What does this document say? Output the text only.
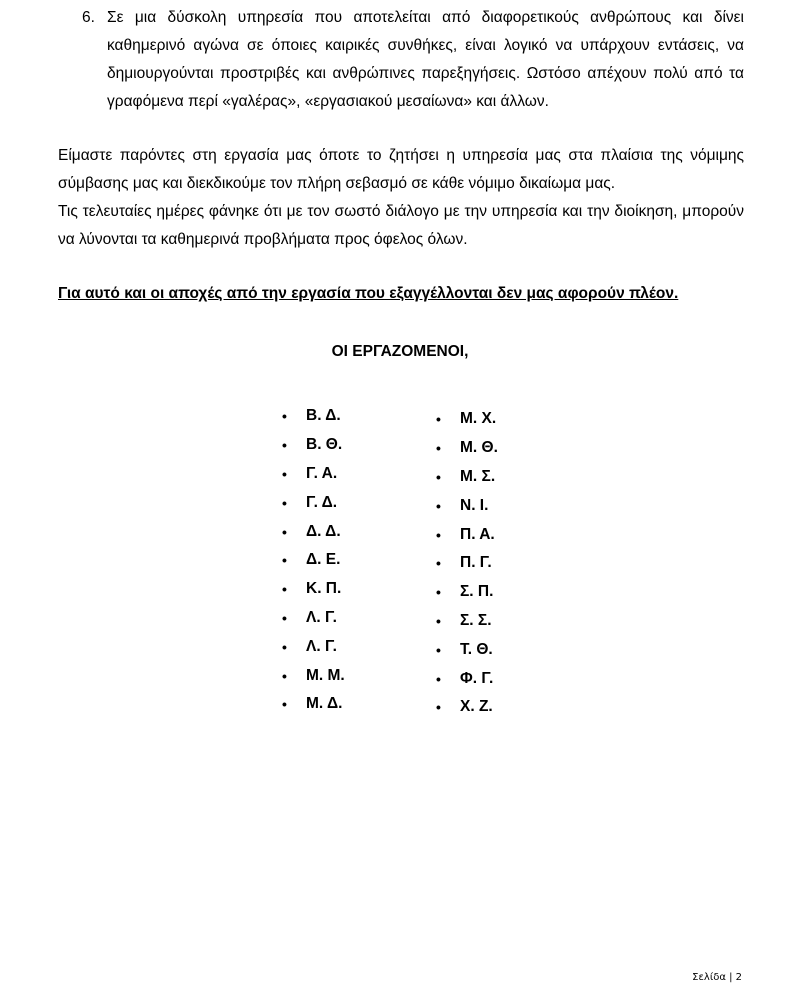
6. Σε μια δύσκολη υπηρεσία που αποτελείται από διαφορετικούς ανθρώπους και δίνει καθημερινό αγώνα σε όποιες καιρικές συνθήκες, είναι λογικό να υπάρχουν εντάσεις, να δημιουργούνται προστριβές και ανθρώπινες παρεξηγήσεις. Ωστόσο απέχουν πολύ από τα γραφόμενα περί «γαλέρας», «εργασιακού μεσαίωνα» και άλλων.
Είμαστε παρόντες στη εργασία μας όποτε το ζητήσει η υπηρεσία μας στα πλαίσια της νόμιμης σύμβασης μας και διεκδικούμε τον πλήρη σεβασμό σε κάθε νόμιμο δικαίωμα μας.
Τις τελευταίες ημέρες φάνηκε ότι με τον σωστό διάλογο με την υπηρεσία και την διοίκηση, μπορούν να λύνονται τα καθημερινά προβλήματα προς όφελος όλων.
Για αυτό και οι αποχές από την εργασία που εξαγγέλλονται δεν μας αφορούν πλέον.
ΟΙ ΕΡΓΑΖΟΜΕΝΟΙ,
•	Β. Δ.
•	Β. Θ.
•	Γ. Α.
•	Γ. Δ.
•	Δ. Δ.
•	Δ. Ε.
•	Κ. Π.
•	Λ. Γ.
•	Λ. Γ.
•	Μ. Μ.
•	Μ. Δ.
•	Μ. Χ.
•	Μ. Θ.
•	Μ. Σ.
•	Ν. Ι.
•	Π. Α.
•	Π. Γ.
•	Σ. Π.
•	Σ. Σ.
•	Τ. Θ.
•	Φ. Γ.
•	Χ. Ζ.
Σελίδα | 2
